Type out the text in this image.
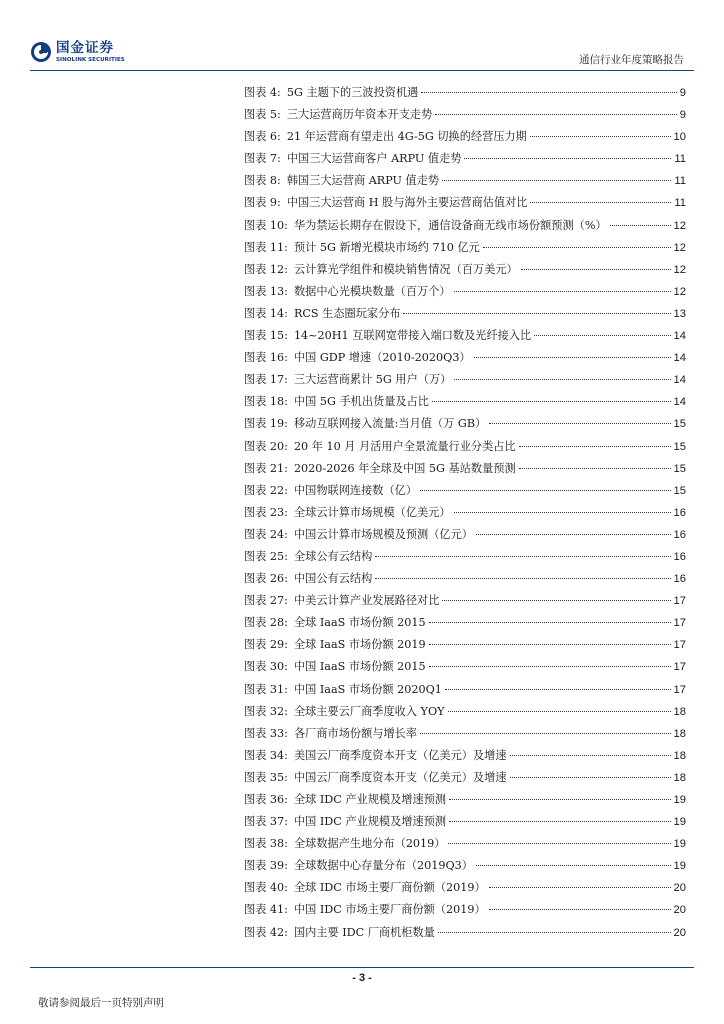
国金证券
SINOLINK SECURITIES	通信行业年度策略报告
图表 4: 5G 主题下的三波投资机遇	9
图表 5: 三大运营商历年资本开支走势	9
图表 6: 21 年运营商有望走出 4G-5G 切换的经营压力期	10
图表 7: 中国三大运营商客户 ARPU 值走势	11
图表 8: 韩国三大运营商 ARPU 值走势	11
图表 9: 中国三大运营商 H 股与海外主要运营商估值对比	11
图表 10: 华为禁运长期存在假设下，通信设备商无线市场份额预测（%）	12
图表 11: 预计 5G 新增光模块市场约 710 亿元	12
图表 12: 云计算光学组件和模块销售情况（百万美元）	12
图表 13: 数据中心光模块数量（百万个）	12
图表 14: RCS 生态圈玩家分布	13
图表 15: 14~20H1 互联网宽带接入端口数及光纤接入比	14
图表 16: 中国 GDP 增速（2010-2020Q3）	14
图表 17: 三大运营商累计 5G 用户（万）	14
图表 18: 中国 5G 手机出货量及占比	14
图表 19: 移动互联网接入流量:当月值（万 GB）	15
图表 20: 20 年 10 月 月活用户全景流量行业分类占比	15
图表 21: 2020-2026 年全球及中国 5G 基站数量预测	15
图表 22: 中国物联网连接数（亿）	15
图表 23: 全球云计算市场规模（亿美元）	16
图表 24: 中国云计算市场规模及预测（亿元）	16
图表 25: 全球公有云结构	16
图表 26: 中国公有云结构	16
图表 27: 中美云计算产业发展路径对比	17
图表 28: 全球 IaaS 市场份额 2015	17
图表 29: 全球 IaaS 市场份额 2019	17
图表 30: 中国 IaaS 市场份额 2015	17
图表 31: 中国 IaaS 市场份额 2020Q1	17
图表 32: 全球主要云厂商季度收入 YOY	18
图表 33: 各厂商市场份额与增长率	18
图表 34: 美国云厂商季度资本开支（亿美元）及增速	18
图表 35: 中国云厂商季度资本开支（亿美元）及增速	18
图表 36: 全球 IDC 产业规模及增速预测	19
图表 37: 中国 IDC 产业规模及增速预测	19
图表 38: 全球数据产生地分布（2019）	19
图表 39: 全球数据中心存量分布（2019Q3）	19
图表 40: 全球 IDC 市场主要厂商份额（2019）	20
图表 41: 中国 IDC 市场主要厂商份额（2019）	20
图表 42: 国内主要 IDC 厂商机柜数量	20
- 3 -
敬请参阅最后一页特别声明
